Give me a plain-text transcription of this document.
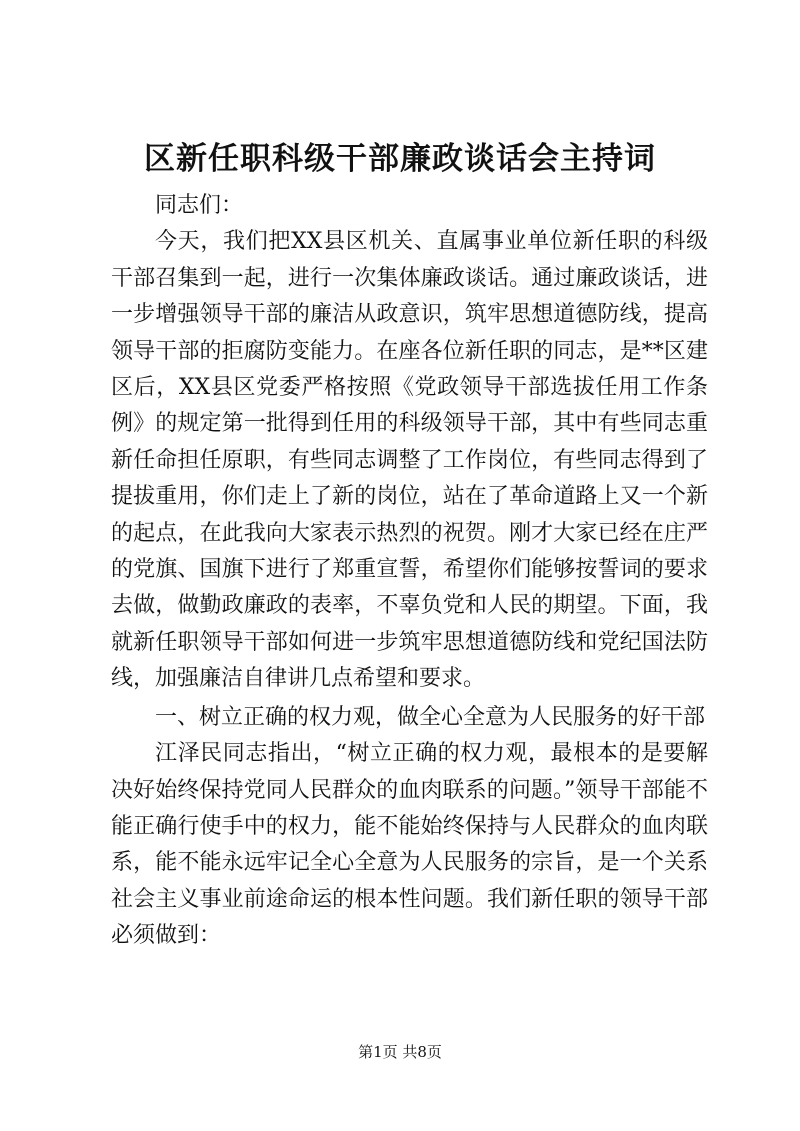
区新任职科级干部廉政谈话会主持词

同志们：

今天，我们把XX县区机关、直属事业单位新任职的科级干部召集到一起，进行一次集体廉政谈话。通过廉政谈话，进一步增强领导干部的廉洁从政意识，筑牢思想道德防线，提高领导干部的拒腐防变能力。在座各位新任职的同志，是**区建区后，XX县区党委严格按照《党政领导干部选拔任用工作条例》的规定第一批得到任用的科级领导干部，其中有些同志重新任命担任原职，有些同志调整了工作岗位，有些同志得到了提拔重用，你们走上了新的岗位，站在了革命道路上又一个新的起点，在此我向大家表示热烈的祝贺。刚才大家已经在庄严的党旗、国旗下进行了郑重宣誓，希望你们能够按誓词的要求去做，做勤政廉政的表率，不辜负党和人民的期望。下面，我就新任职领导干部如何进一步筑牢思想道德防线和党纪国法防线，加强廉洁自律讲几点希望和要求。

一、树立正确的权力观，做全心全意为人民服务的好干部

江泽民同志指出，“树立正确的权力观，最根本的是要解决好始终保持党同人民群众的血肉联系的问题。”领导干部能不能正确行使手中的权力，能不能始终保持与人民群众的血肉联系，能不能永远牢记全心全意为人民服务的宗旨，是一个关系社会主义事业前途命运的根本性问题。我们新任职的领导干部必须做到：

第1页 共8页
